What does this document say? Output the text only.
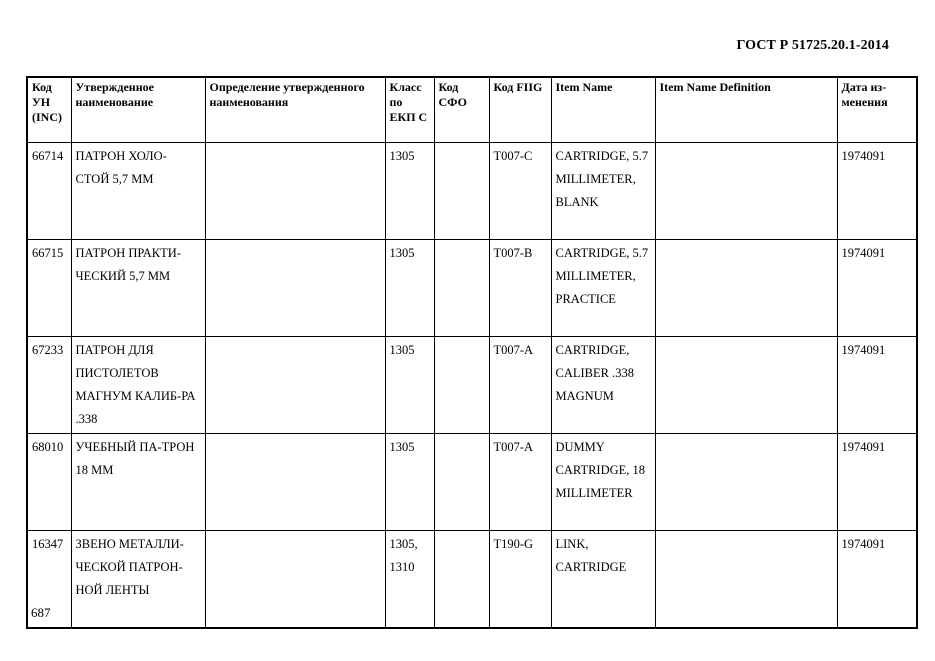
ГОСТ Р 51725.20.1-2014
Код УН (INC)	Утвержденное наименование	Определение утвержденного наименования	Класс по ЕКП С	Код СФО	Код FIIG	Item Name	Item Name Definition	Дата из- менения
66714	ПАТРОН ХОЛО-СТОЙ 5,7 ММ		1305		T007-C	CARTRIDGE, 5.7 MILLIMETER, BLANK		1974091
66715	ПАТРОН ПРАКТИ-ЧЕСКИЙ 5,7 ММ		1305		T007-B	CARTRIDGE, 5.7 MILLIMETER, PRACTICE		1974091
67233	ПАТРОН ДЛЯ ПИСТОЛЕТОВ МАГНУМ КАЛИБ-РА .338		1305		T007-A	CARTRIDGE, CALIBER .338 MAGNUM		1974091
68010	УЧЕБНЫЙ ПА-ТРОН 18 ММ		1305		T007-A	DUMMY CARTRIDGE, 18 MILLIMETER		1974091
16347	ЗВЕНО МЕТАЛЛИ-ЧЕСКОЙ ПАТРОН-НОЙ ЛЕНТЫ		1305, 1310		T190-G	LINK, CARTRIDGE		1974091
687
